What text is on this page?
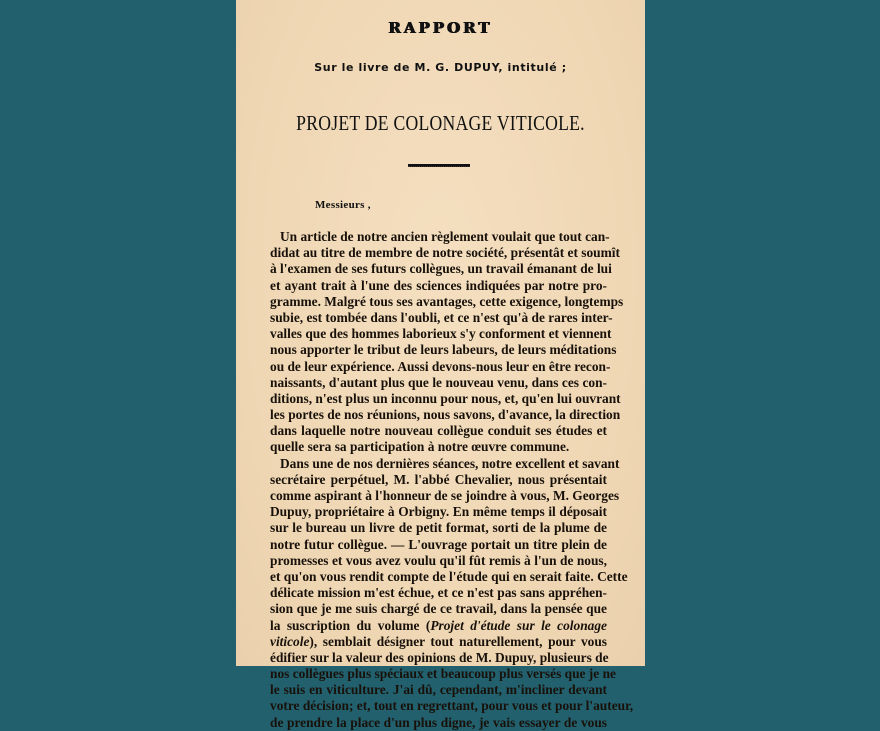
RAPPORT
Sur le livre de M. G. DUPUY, intitulé ;
PROJET DE COLONAGE VITICOLE.
Messieurs ,
Un article de notre ancien règlement voulait que tout can-
didat au titre de membre de notre société, présentât et soumît
à l'examen de ses futurs collègues, un travail émanant de lui
et ayant trait à l'une des sciences indiquées par notre pro-
gramme. Malgré tous ses avantages, cette exigence, longtemps
subie, est tombée dans l'oubli, et ce n'est qu'à de rares inter-
valles que des hommes laborieux s'y conforment et viennent
nous apporter le tribut de leurs labeurs, de leurs méditations
ou de leur expérience. Aussi devons-nous leur en être recon-
naissants, d'autant plus que le nouveau venu, dans ces con-
ditions, n'est plus un inconnu pour nous, et, qu'en lui ouvrant
les portes de nos réunions, nous savons, d'avance, la direction
dans laquelle notre nouveau collègue conduit ses études et
quelle sera sa participation à notre œuvre commune.
Dans une de nos dernières séances, notre excellent et savant
secrétaire perpétuel, M. l'abbé Chevalier, nous présentait
comme aspirant à l'honneur de se joindre à vous, M. Georges
Dupuy, propriétaire à Orbigny. En même temps il déposait
sur le bureau un livre de petit format, sorti de la plume de
notre futur collègue. — L'ouvrage portait un titre plein de
promesses et vous avez voulu qu'il fût remis à l'un de nous,
et qu'on vous rendit compte de l'étude qui en serait faite. Cette
délicate mission m'est échue, et ce n'est pas sans appréhen-
sion que je me suis chargé de ce travail, dans la pensée que
la suscription du volume (Projet d'étude sur le colonage
viticole), semblait désigner tout naturellement, pour vous
édifier sur la valeur des opinions de M. Dupuy, plusieurs de
nos collègues plus spéciaux et beaucoup plus versés que je ne
le suis en viticulture. J'ai dû, cependant, m'incliner devant
votre décision; et, tout en regrettant, pour vous et pour l'auteur,
de prendre la place d'un plus digne, je vais essayer de vous
